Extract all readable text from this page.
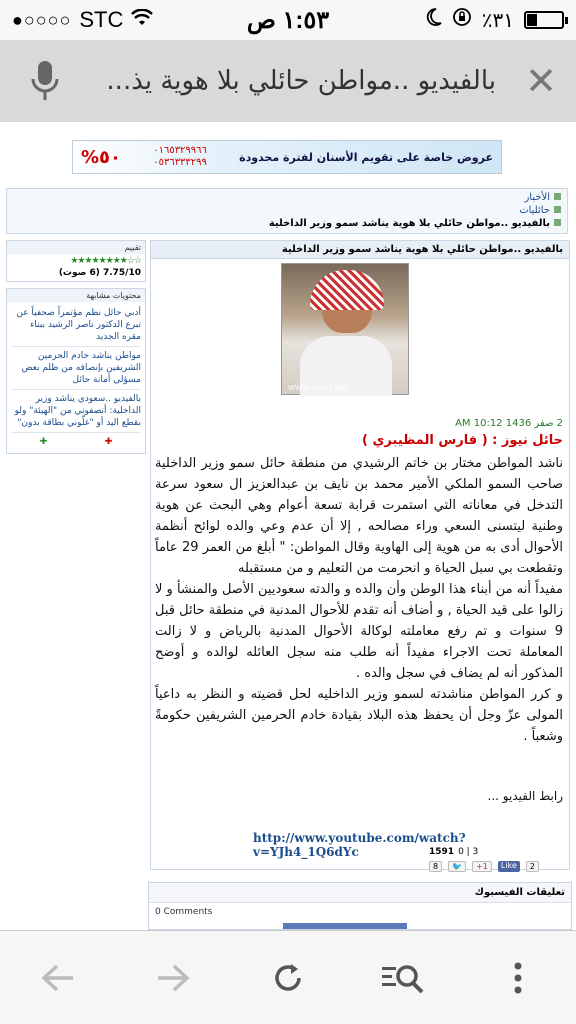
●○○○○ STC	١:٥٣ ص	٪٣١
بالفيديو ..مواطن حائلي بلا هوية يذ... ✕
عروض خاصة على تقويم الأسنان لفترة محدودة
٠١٦٥٣٢٩٩٦٦
٠٥٣٦٣٣٣٢٩٩
٥٠%
الأخبار
حائليات
بالفيديو ..مواطن حائلي بلا هوية يناشد سمو وزير الداخلية
تقييم
★★★★★★★★☆☆
7.75/10 (6 صوت)
محتويات مشابهة
أدبي حائل نظم مؤتمراً صحفياً عن تبرع الدكتور ناصر الرشيد ببناء مقره الجديد
مواطن يناشد خادم الحرمين الشريفين بإنصافه من ظلم بعض مسؤلي أمانة حائل
بالفيديو ..سعودي يناشد وزير الداخلية: أنصفوني من "الهيئة" ولو بقطع اليد أو "غلّوني بطاقة بدون"
✚
✚
بالفيديو ..مواطن حائلي بلا هوية يناشد سمو وزير الداخلية
WWW.YHAT1.NET
2 صفر 1436 10:12 AM
حائل نيوز : ( فارس المظيبري )

ناشد المواطن مختار بن خاتم الرشيدي من منطقة حائل سمو وزير الداخلية صاحب السمو الملكي الأمير محمد بن نايف بن عبدالعزيز ال سعود سرعة التدخل في معاناته التي استمرت قرابة تسعة أعوام وهي البحث عن هوية وطنية ليتسنى السعي وراء مصالحه , إلا أن عدم وعي والده لوائح أنظمة الأحوال أدى به من هوية إلى الهاوية وقال المواطن: " أبلغ من العمر 29 عاماً وتقطعت بي سبل الحياة و انحرمت من التعليم و من مستقبله

مفيداً أنه من أبناء هذا الوطن وأن والده و والدته سعوديين الأصل والمنشأ و لا زالوا على قيد الحياة , و أضاف أنه تقدم للأحوال المدنية في منطقة حائل قبل 9 سنوات و تم رفع معاملته لوكالة الأحوال المدنية بالرياض و لا زالت المعاملة تحت الاجراء مفيداً أنه طلب منه سجل العائله لوالده و أوضح المذكور أنه لم يضاف في سجل والده .

و كرر المواطن مناشدته لسمو وزير الداخليه لحل قضيته و النظر به داعياً المولى عزّ وجل أن يحفظ هذه البلاد بقيادة خادم الحرمين الشريفين حكومةً وشعباً .

رابط الفيديو ...
http://www.youtube.com/watch?v=YJh4_1Q6dYc	1591 0 | 3
8	🐦	+1	Like	2
تعليقات الفيسبوك
0 Comments
